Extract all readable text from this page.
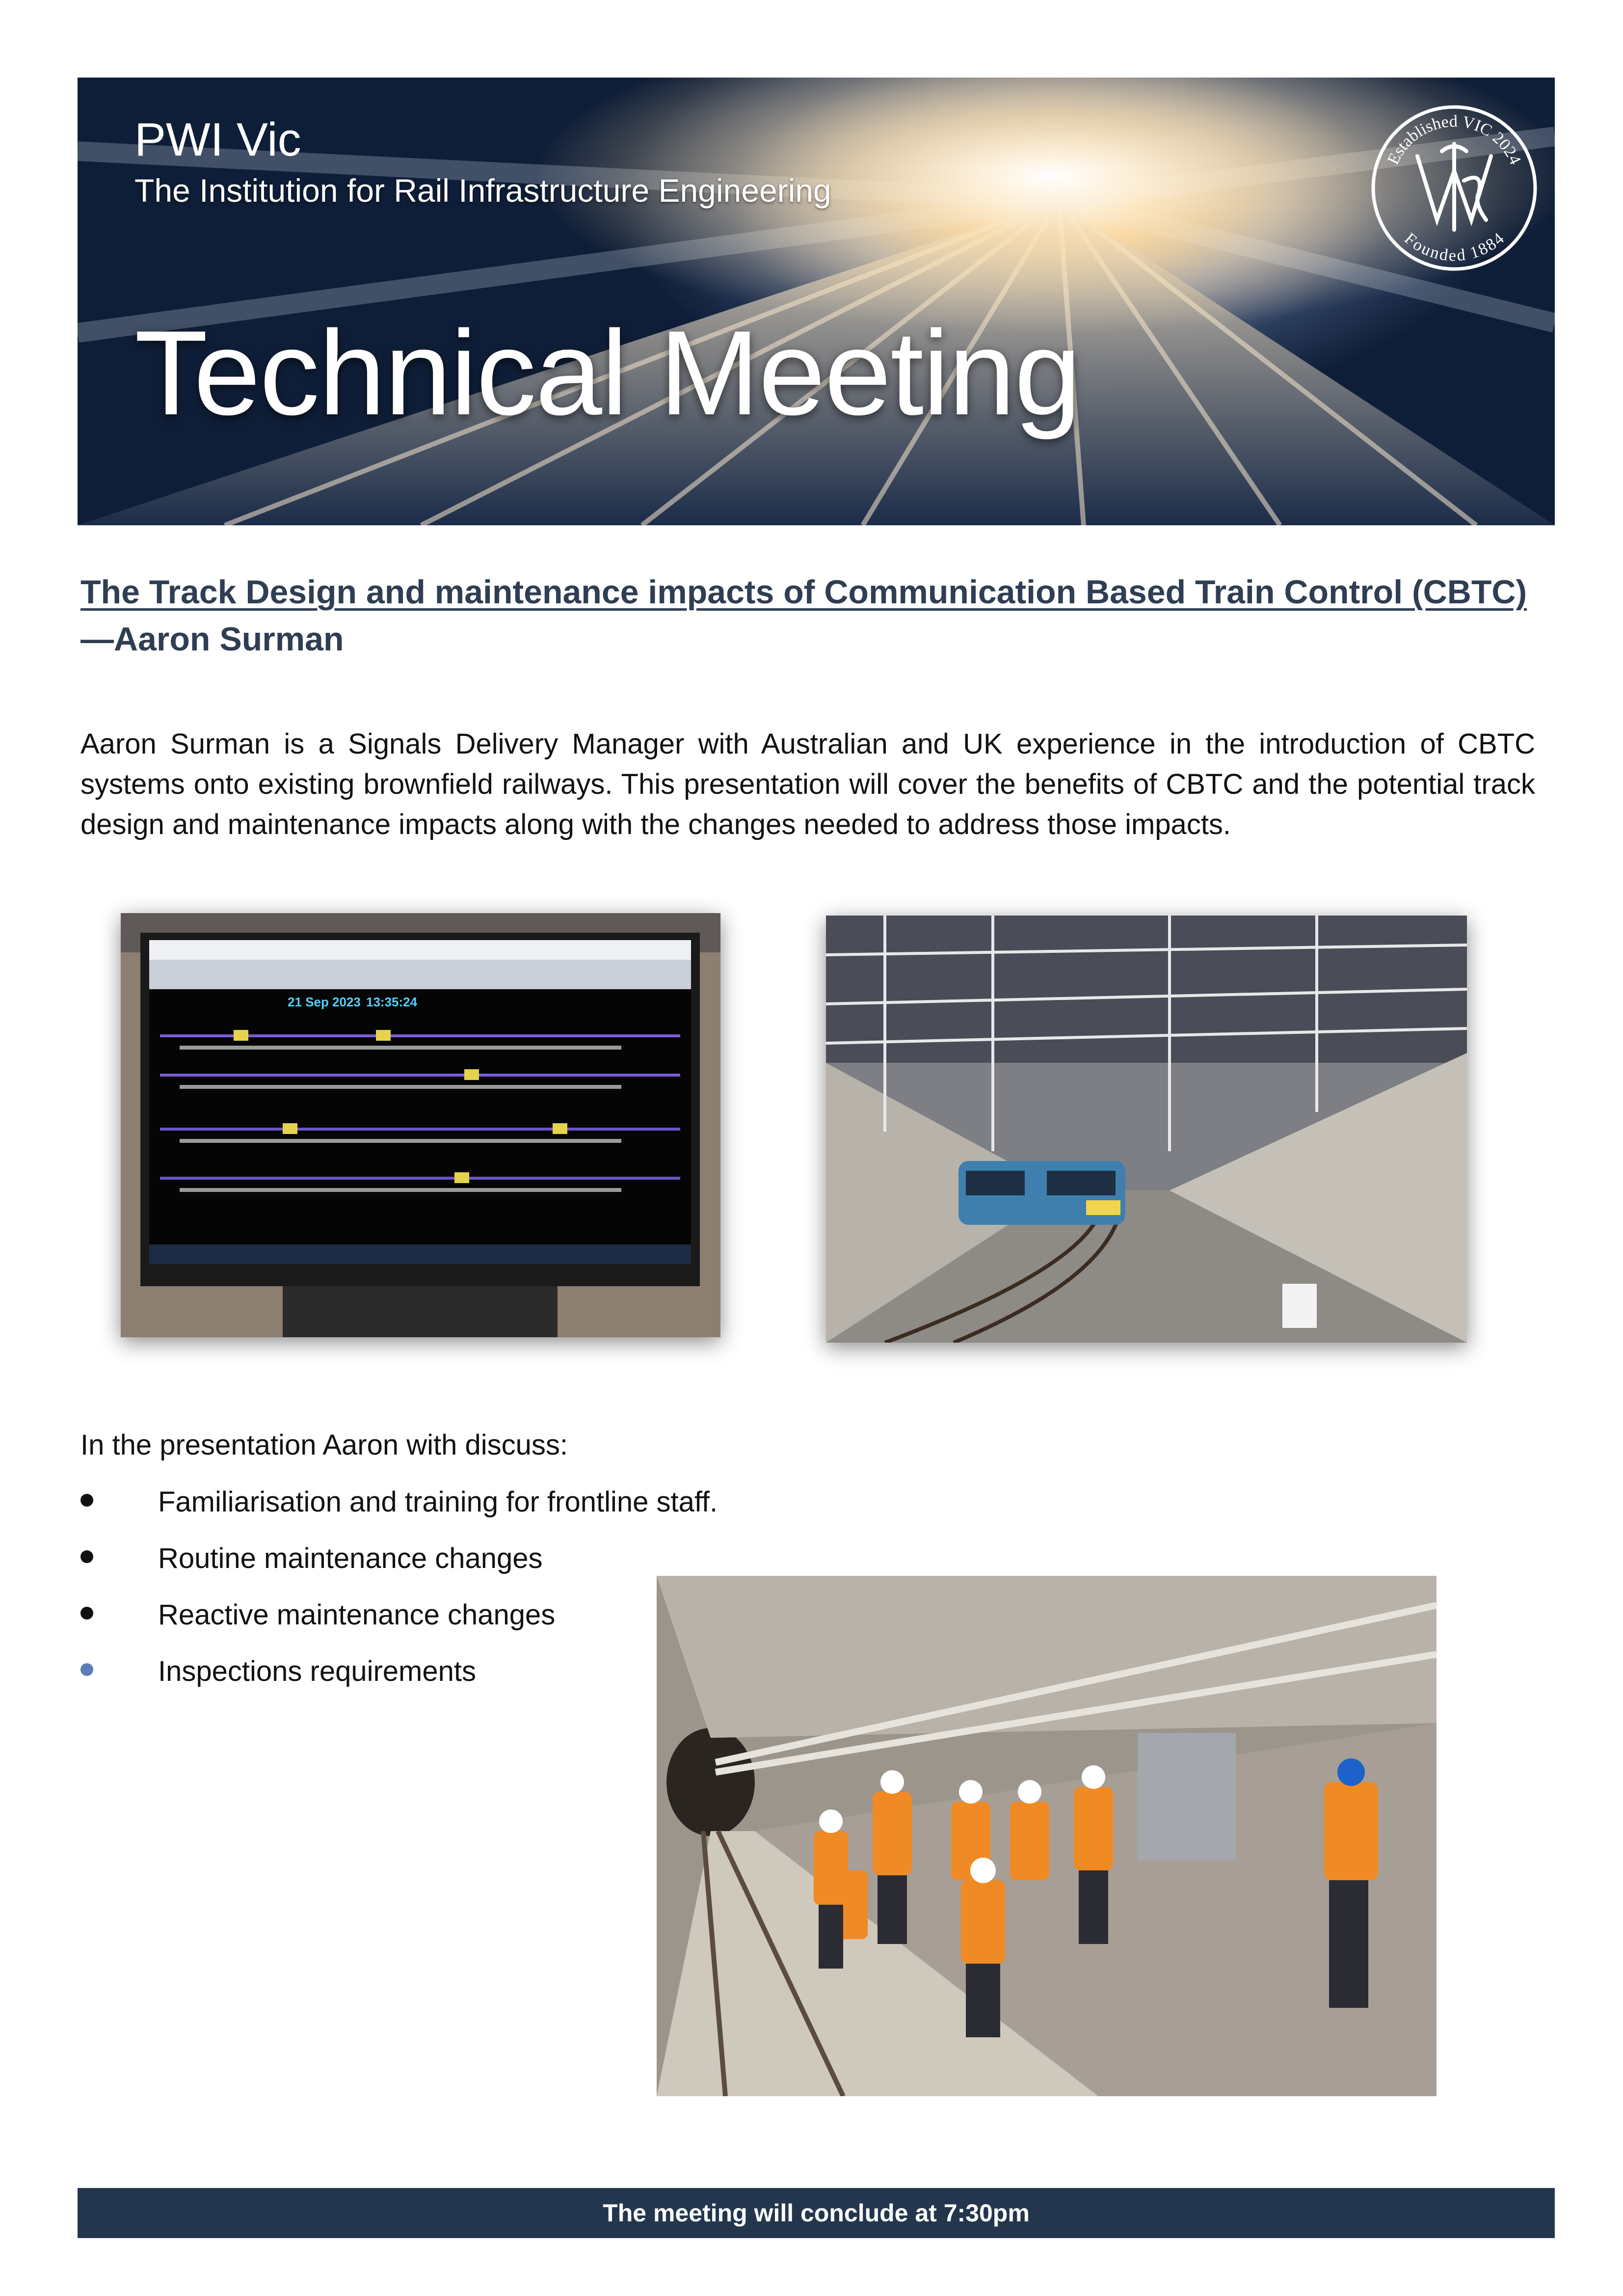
PWI Vic
The Institution for Rail Infrastructure Engineering
Technical Meeting
Established VIC 2024
Founded 1884
The Track Design and maintenance impacts of Communication Based Train Control (CBTC) —Aaron Surman
Aaron Surman is a Signals Delivery Manager with Australian and UK experience in the introduction of CBTC systems onto existing brownfield railways. This presentation will cover the benefits of CBTC and the potential track design and maintenance impacts along with the changes needed to address those impacts.
21 Sep 2023 13:35:24
In the presentation Aaron with discuss:
Familiarisation and training for frontline staff.
Routine maintenance changes
Reactive maintenance changes
Inspections requirements
The meeting will conclude at 7:30pm
